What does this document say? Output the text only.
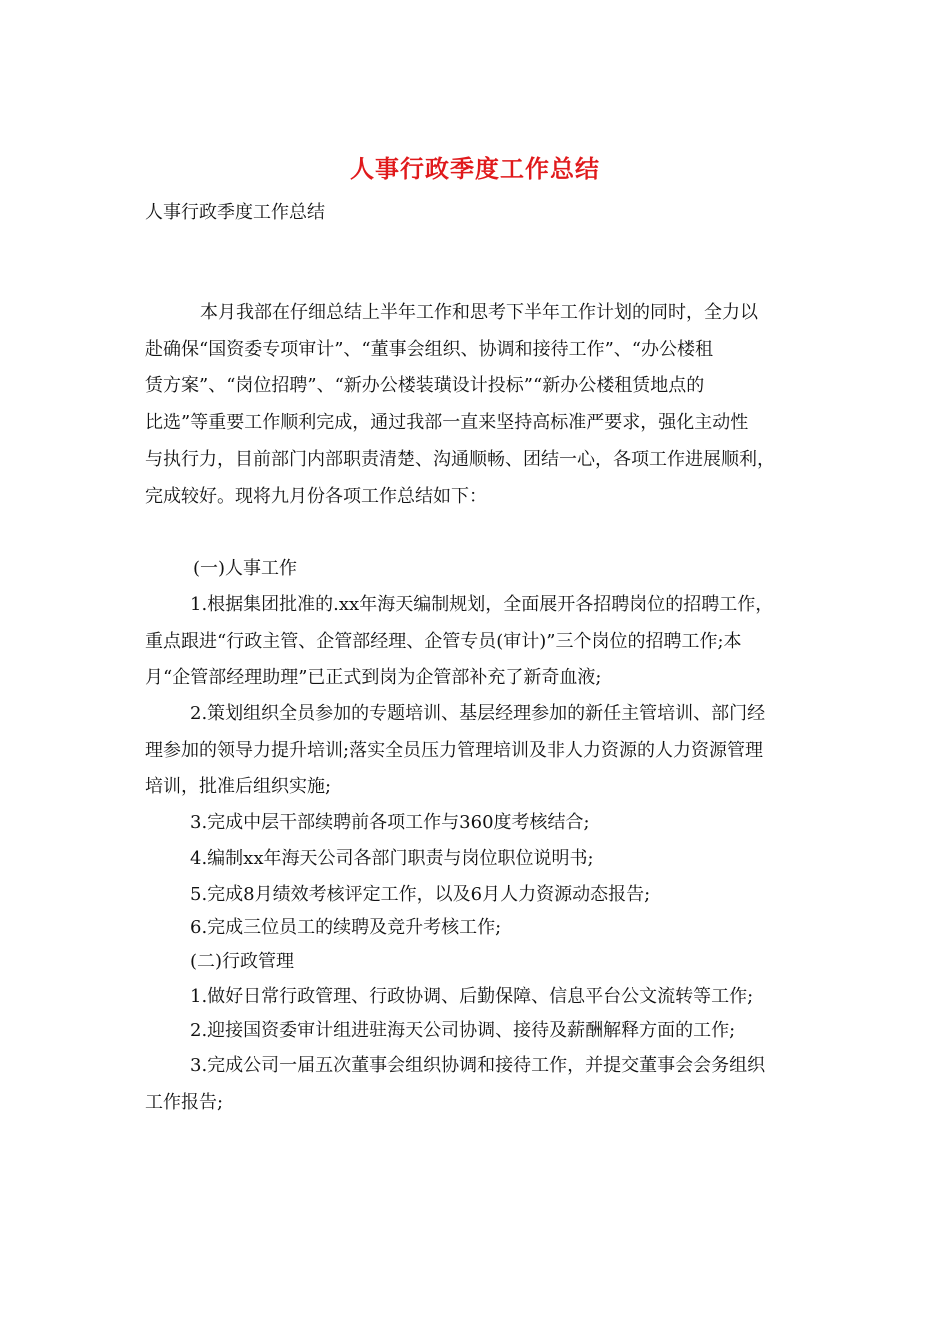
人事行政季度工作总结
人事行政季度工作总结
本月我部在仔细总结上半年工作和思考下半年工作计划的同时，全力以
赴确保“国资委专项审计”、“董事会组织、协调和接待工作”、“办公楼租
赁方案”、“岗位招聘”、“新办公楼装璜设计投标”“新办公楼租赁地点的
比选”等重要工作顺利完成，通过我部一直来坚持高标准严要求，强化主动性
与执行力，目前部门内部职责清楚、沟通顺畅、团结一心，各项工作进展顺利，
完成较好。现将九月份各项工作总结如下：
(一)人事工作
1.根据集团批准的.xx年海天编制规划，全面展开各招聘岗位的招聘工作，
重点跟进“行政主管、企管部经理、企管专员(审计)”三个岗位的招聘工作;本
月“企管部经理助理”已正式到岗为企管部补充了新奇血液;
2.策划组织全员参加的专题培训、基层经理参加的新任主管培训、部门经
理参加的领导力提升培训;落实全员压力管理培训及非人力资源的人力资源管理
培训，批准后组织实施;
3.完成中层干部续聘前各项工作与360度考核结合;
4.编制xx年海天公司各部门职责与岗位职位说明书;
5.完成8月绩效考核评定工作，以及6月人力资源动态报告;
6.完成三位员工的续聘及竞升考核工作;
(二)行政管理
1.做好日常行政管理、行政协调、后勤保障、信息平台公文流转等工作;
2.迎接国资委审计组进驻海天公司协调、接待及薪酬解释方面的工作;
3.完成公司一届五次董事会组织协调和接待工作，并提交董事会会务组织
工作报告;
